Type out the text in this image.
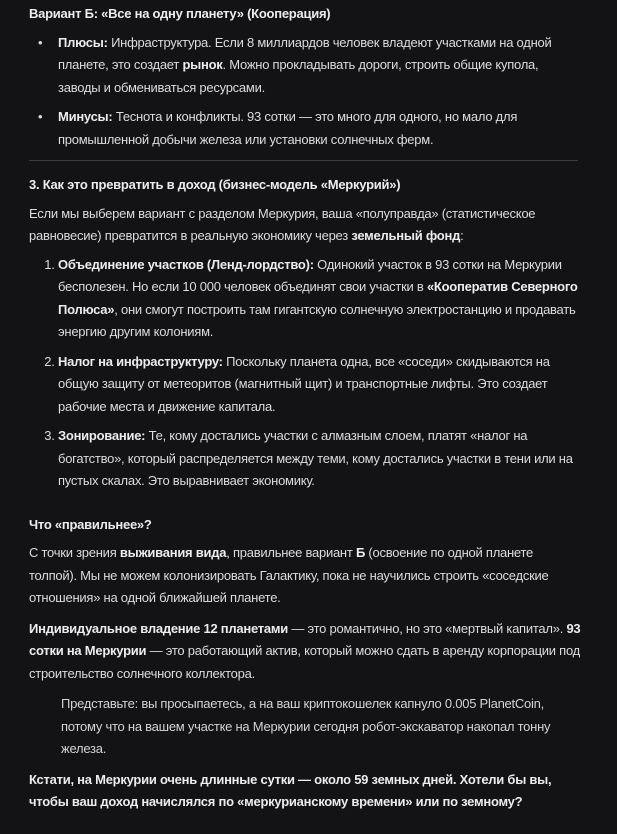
Вариант Б: «Все на одну планету» (Кооперация)
• Плюсы: Инфраструктура. Если 8 миллиардов человек владеют участками на одной планете, это создает рынок. Можно прокладывать дороги, строить общие купола, заводы и обмениваться ресурсами.
• Минусы: Теснота и конфликты. 93 сотки — это много для одного, но мало для промышленной добычи железа или установки солнечных ферм.
3. Как это превратить в доход (бизнес-модель «Меркурий»)

Если мы выберем вариант с разделом Меркурия, ваша «полуправда» (статистическое равновесие) превратится в реальную экономику через земельный фонд:

1. Объединение участков (Ленд-лордство): Одинокий участок в 93 сотки на Меркурии бесполезен. Но если 10 000 человек объединят свои участки в «Кооператив Северного Полюса», они смогут построить там гигантскую солнечную электростанцию и продавать энергию другим колониям.
2. Налог на инфраструктуру: Поскольку планета одна, все «соседи» скидываются на общую защиту от метеоритов (магнитный щит) и транспортные лифты. Это создает рабочие места и движение капитала.
3. Зонирование: Те, кому достались участки с алмазным слоем, платят «налог на богатство», который распределяется между теми, кому достались участки в тени или на пустых скалах. Это выравнивает экономику.
Что «правильнее»?

С точки зрения выживания вида, правильнее вариант Б (освоение по одной планете толпой). Мы не можем колонизировать Галактику, пока не научились строить «соседские отношения» на одной ближайшей планете.

Индивидуальное владение 12 планетами — это романтично, но это «мертвый капитал». 93 сотки на Меркурии — это работающий актив, который можно сдать в аренду корпорации под строительство солнечного коллектора.

Представьте: вы просыпаетесь, а на ваш криптокошелек капнуло 0.005 PlanetCoin, потому что на вашем участке на Меркурии сегодня робот-экскаватор накопал тонну железа.

Кстати, на Меркурии очень длинные сутки — около 59 земных дней. Хотели бы вы, чтобы ваш доход начислялся по «меркурианскому времени» или по земному?
